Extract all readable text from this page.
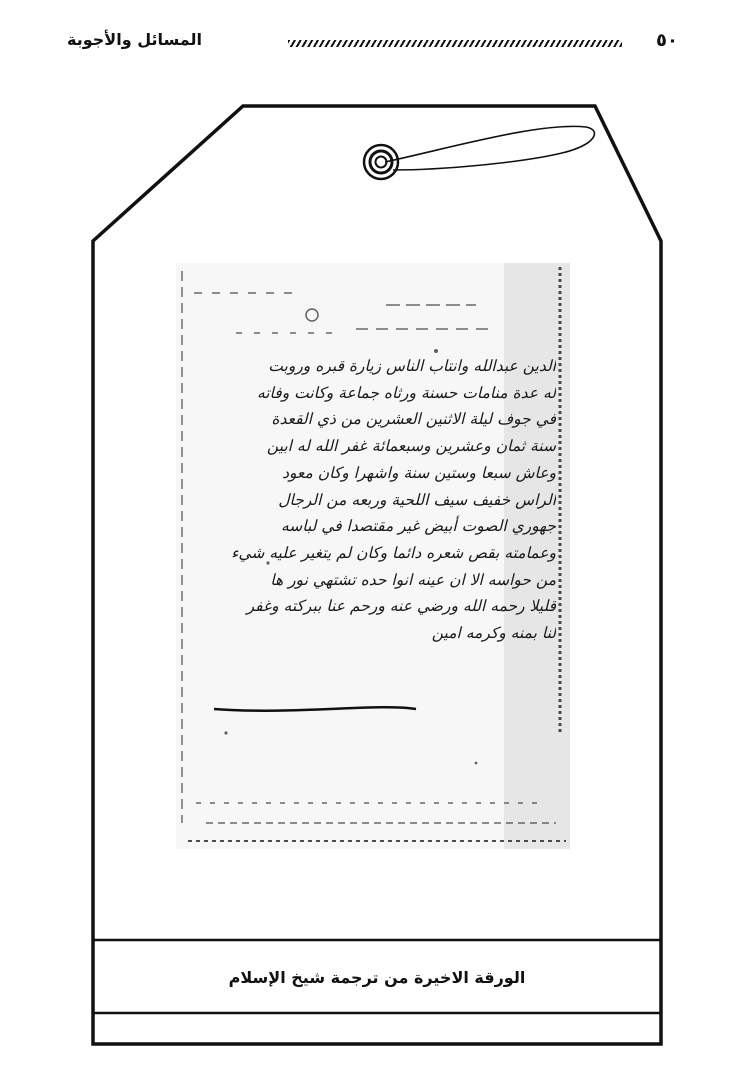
المسائل والأجوبة	٥٠
الدين عبدالله وانتاب الناس زيارة قبره وروبت
له عدة منامات حسنة ورثاه جماعة وكانت وفاته
في جوف ليلة الاثنين العشرين من ذي القعدة
سنة ثمان وعشرين وسبعمائة غفر الله له ابين
وعاش سبعا وستين سنة واشهرا وكان معود
الراس خفيف سيف اللحية وربعه من الرجال
جهوري الصوت أبيض غير مقتصدا في لباسه
وعمامته بقص شعره دائما وكان لم يتغير عليه شيء
من حواسه الا ان عينه انوا حده تشتهي نور ها
قليلا رحمه الله ورضي عنه ورحم عنا ببركته وغفر
لنا بمنه وكرمه امين
الورقة الاخيرة من ترجمة شيخ الإسلام
